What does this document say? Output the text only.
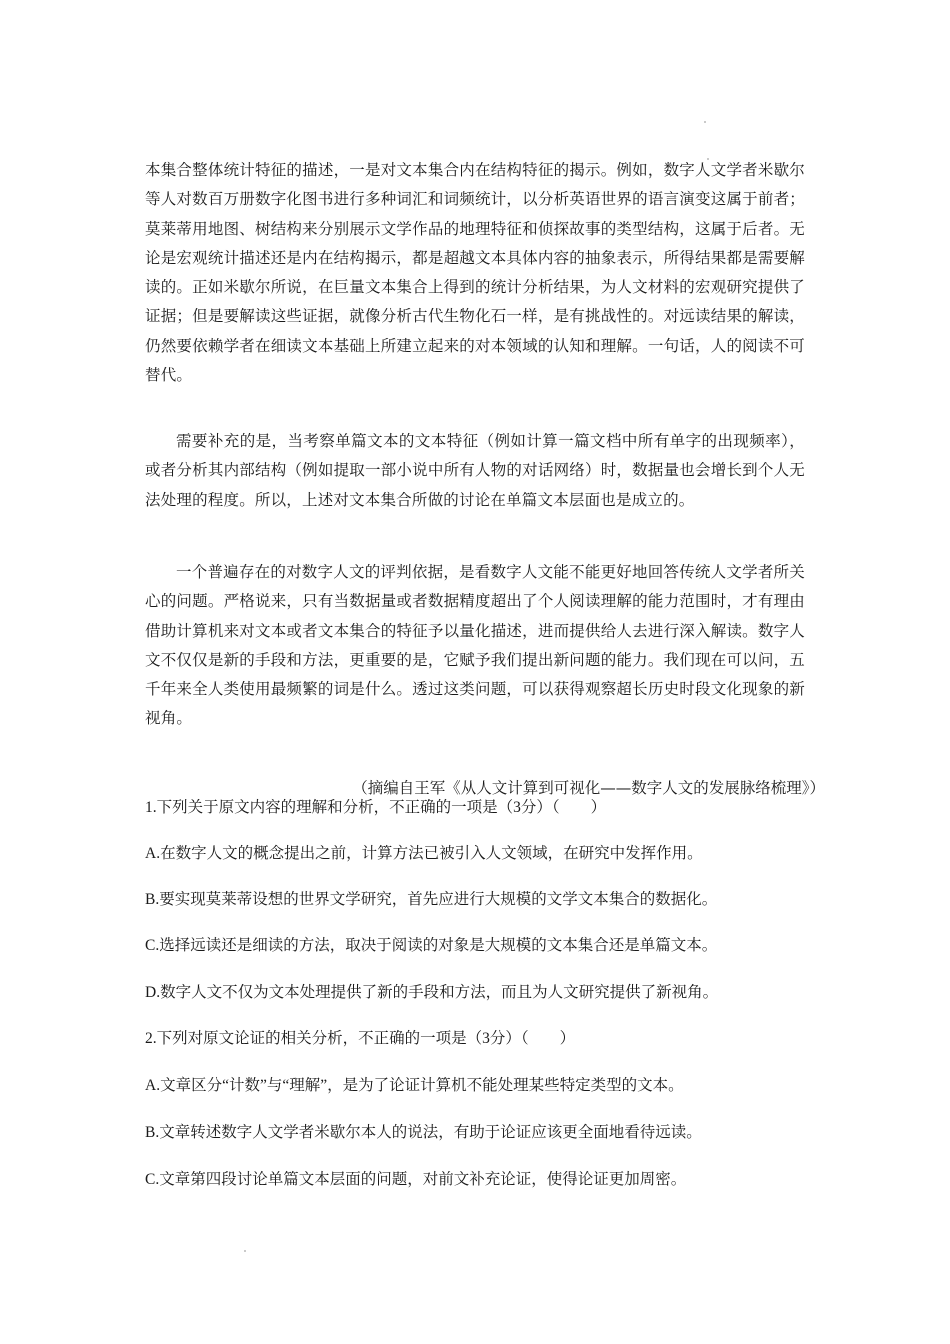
本集合整体统计特征的描述，一是对文本集合内在结构特征的揭示。例如，数字人文学者米歇尔等人对数百万册数字化图书进行多种词汇和词频统计，以分析英语世界的语言演变这属于前者；莫莱蒂用地图、树结构来分别展示文学作品的地理特征和侦探故事的类型结构，这属于后者。无论是宏观统计描述还是内在结构揭示，都是超越文本具体内容的抽象表示，所得结果都是需要解读的。正如米歇尔所说，在巨量文本集合上得到的统计分析结果，为人文材料的宏观研究提供了证据；但是要解读这些证据，就像分析古代生物化石一样，是有挑战性的。对远读结果的解读，仍然要依赖学者在细读文本基础上所建立起来的对本领域的认知和理解。一句话，人的阅读不可替代。

需要补充的是，当考察单篇文本的文本特征（例如计算一篇文档中所有单字的出现频率），或者分析其内部结构（例如提取一部小说中所有人物的对话网络）时，数据量也会增长到个人无法处理的程度。所以，上述对文本集合所做的讨论在单篇文本层面也是成立的。

一个普遍存在的对数字人文的评判依据，是看数字人文能不能更好地回答传统人文学者所关心的问题。严格说来，只有当数据量或者数据精度超出了个人阅读理解的能力范围时，才有理由借助计算机来对文本或者文本集合的特征予以量化描述，进而提供给人去进行深入解读。数字人文不仅仅是新的手段和方法，更重要的是，它赋予我们提出新问题的能力。我们现在可以问，五千年来全人类使用最频繁的词是什么。透过这类问题，可以获得观察超长历史时段文化现象的新视角。

（摘编自王军《从人文计算到可视化——数字人文的发展脉络梳理》）
1.下列关于原文内容的理解和分析，不正确的一项是（3分）（　　）
A.在数字人文的概念提出之前，计算方法已被引入人文领域，在研究中发挥作用。
B.要实现莫莱蒂设想的世界文学研究，首先应进行大规模的文学文本集合的数据化。
C.选择远读还是细读的方法，取决于阅读的对象是大规模的文本集合还是单篇文本。
D.数字人文不仅为文本处理提供了新的手段和方法，而且为人文研究提供了新视角。
2.下列对原文论证的相关分析，不正确的一项是（3分）（　　）
A.文章区分“计数”与“理解”，是为了论证计算机不能处理某些特定类型的文本。
B.文章转述数字人文学者米歇尔本人的说法，有助于论证应该更全面地看待远读。
C.文章第四段讨论单篇文本层面的问题，对前文补充论证，使得论证更加周密。
